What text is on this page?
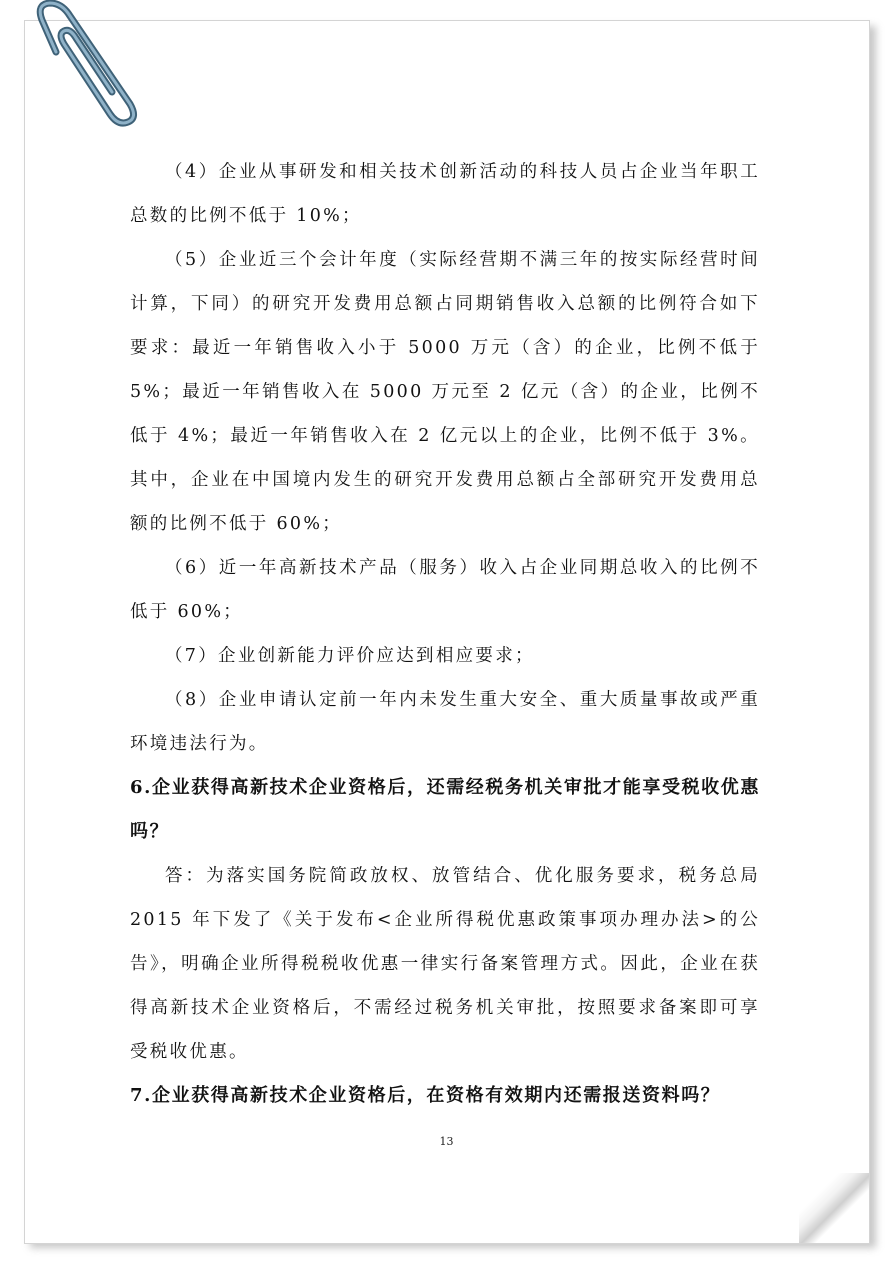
（4）企业从事研发和相关技术创新活动的科技人员占企业当年职工总数的比例不低于 10%；

（5）企业近三个会计年度（实际经营期不满三年的按实际经营时间计算，下同）的研究开发费用总额占同期销售收入总额的比例符合如下要求：最近一年销售收入小于 5000 万元（含）的企业，比例不低于 5%；最近一年销售收入在 5000 万元至 2 亿元（含）的企业，比例不低于 4%；最近一年销售收入在 2 亿元以上的企业，比例不低于 3%。其中，企业在中国境内发生的研究开发费用总额占全部研究开发费用总额的比例不低于 60%；

（6）近一年高新技术产品（服务）收入占企业同期总收入的比例不低于 60%；

（7）企业创新能力评价应达到相应要求；

（8）企业申请认定前一年内未发生重大安全、重大质量事故或严重环境违法行为。

6.企业获得高新技术企业资格后，还需经税务机关审批才能享受税收优惠吗？

答：为落实国务院简政放权、放管结合、优化服务要求，税务总局 2015 年下发了《关于发布<企业所得税优惠政策事项办理办法>的公告》，明确企业所得税税收优惠一律实行备案管理方式。因此，企业在获得高新技术企业资格后，不需经过税务机关审批，按照要求备案即可享受税收优惠。

7.企业获得高新技术企业资格后，在资格有效期内还需报送资料吗？

13
